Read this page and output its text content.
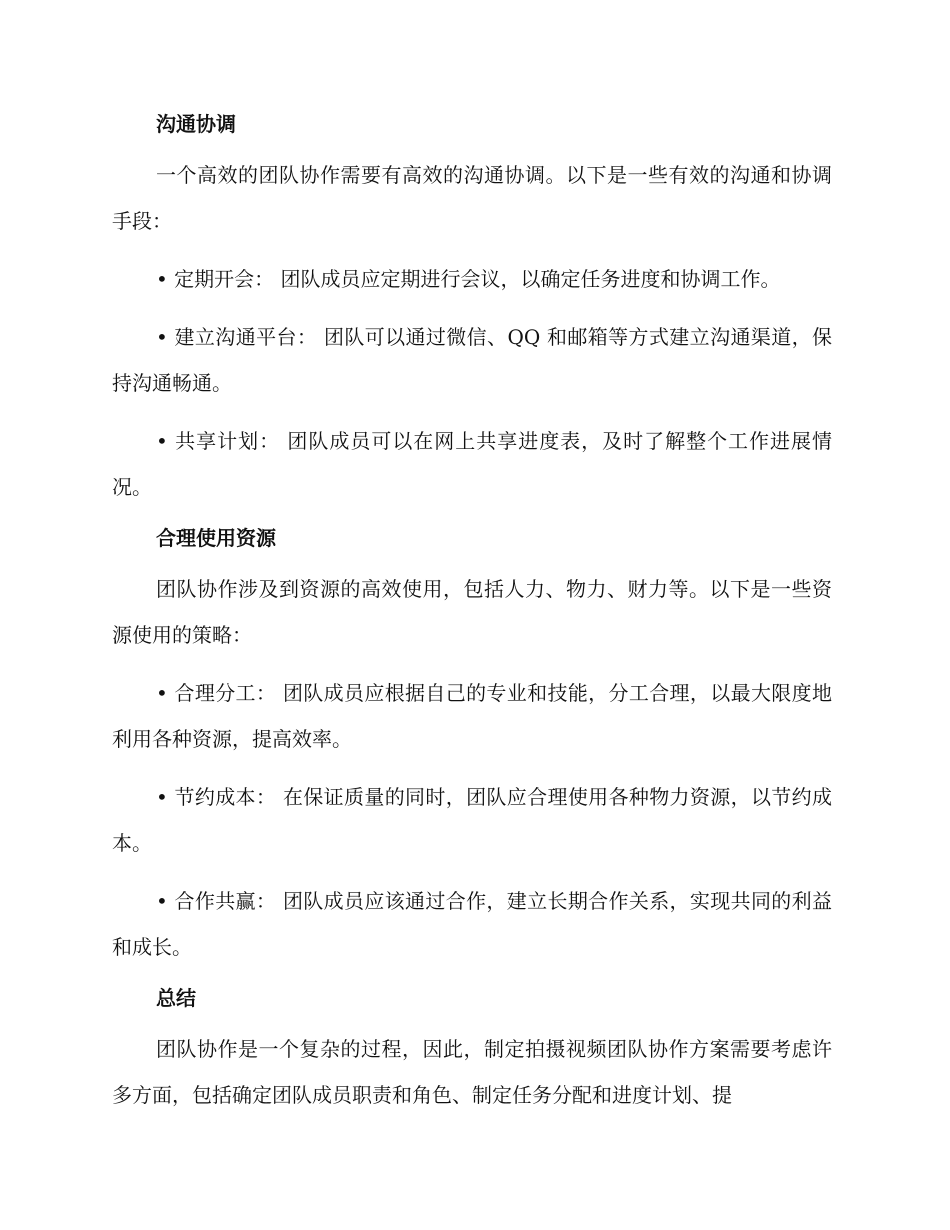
沟通协调

一个高效的团队协作需要有高效的沟通协调。以下是一些有效的沟通和协调手段：

• 定期开会： 团队成员应定期进行会议，以确定任务进度和协调工作。

• 建立沟通平台： 团队可以通过微信、QQ 和邮箱等方式建立沟通渠道，保持沟通畅通。

• 共享计划： 团队成员可以在网上共享进度表，及时了解整个工作进展情况。

合理使用资源

团队协作涉及到资源的高效使用，包括人力、物力、财力等。以下是一些资源使用的策略：

• 合理分工： 团队成员应根据自己的专业和技能，分工合理，以最大限度地利用各种资源，提高效率。

• 节约成本： 在保证质量的同时，团队应合理使用各种物力资源，以节约成本。

• 合作共赢： 团队成员应该通过合作，建立长期合作关系，实现共同的利益和成长。

总结

团队协作是一个复杂的过程，因此，制定拍摄视频团队协作方案需要考虑许多方面，包括确定团队成员职责和角色、制定任务分配和进度计划、提
